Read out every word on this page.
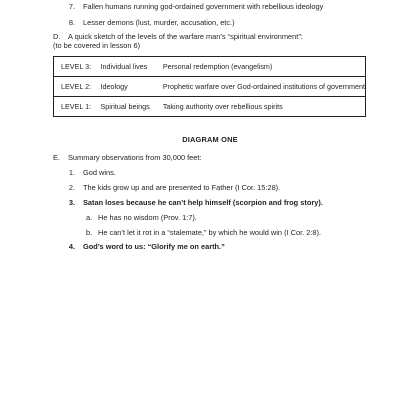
7. Fallen humans running god-ordained government with rebellious ideology
8. Lesser demons (lust, murder, accusation, etc.)
D. A quick sketch of the levels of the warfare man’s “spiritual environment”:
(to be covered in lesson 6)
LEVEL 3:	Individual lives	Personal redemption (evangelism)
LEVEL 2:	Ideology	Prophetic warfare over God-ordained institutions of government
LEVEL 1:	Spiritual beings	Taking authority over rebellious spirits
DIAGRAM ONE
E. Summary observations from 30,000 feet:
1. God wins.
2. The kids grow up and are presented to Father (I Cor. 15:28).
3. Satan loses because he can’t help himself (scorpion and frog story).
a. He has no wisdom (Prov. 1:7).
b. He can’t let it rot in a “stalemate,” by which he would win (I Cor. 2:8).
4. God’s word to us: “Glorify me on earth.”
